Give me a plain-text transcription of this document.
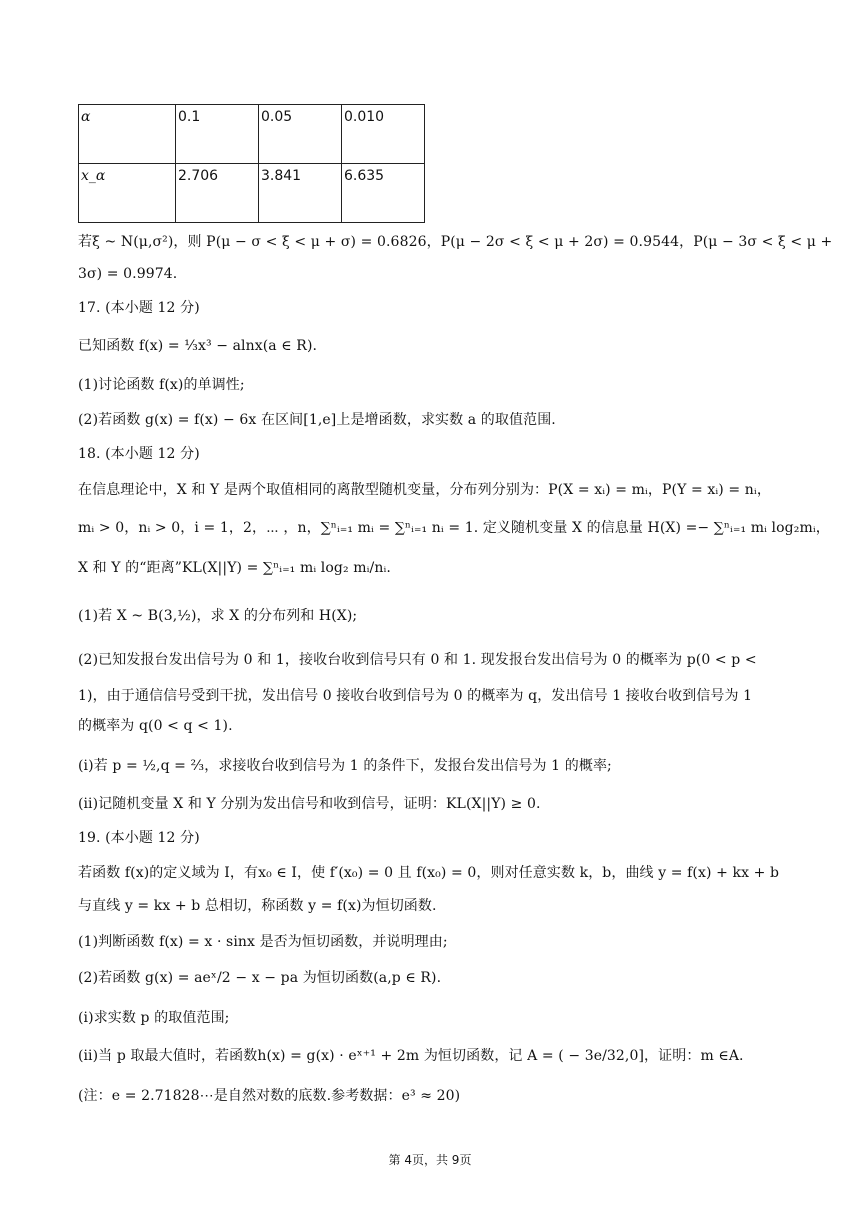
α	0.1	0.05	0.010
x_α	2.706	3.841	6.635
若ξ ~ N(μ,σ²)，则 P(μ − σ < ξ < μ + σ) = 0.6826，P(μ − 2σ < ξ < μ + 2σ) = 0.9544，P(μ − 3σ < ξ < μ +
3σ) = 0.9974.
17. (本小题 12 分)
已知函数 f(x) = ⅓x³ − alnx(a ∈ R).
(1)讨论函数 f(x)的单调性;
(2)若函数 g(x) = f(x) − 6x 在区间[1,e]上是增函数，求实数 a 的取值范围.
18. (本小题 12 分)
在信息理论中，X 和 Y 是两个取值相同的离散型随机变量，分布列分别为：P(X = xᵢ) = mᵢ，P(Y = xᵢ) = nᵢ，
mᵢ > 0，nᵢ > 0，i = 1，2，⋯ ，n，∑ⁿᵢ₌₁ mᵢ = ∑ⁿᵢ₌₁ nᵢ = 1. 定义随机变量 X 的信息量 H(X) =− ∑ⁿᵢ₌₁ mᵢ log₂mᵢ，
X 和 Y 的“距离”KL(X||Y) = ∑ⁿᵢ₌₁ mᵢ log₂ mᵢ/nᵢ.
(1)若 X ~ B(3,½)，求 X 的分布列和 H(X);
(2)已知发报台发出信号为 0 和 1，接收台收到信号只有 0 和 1. 现发报台发出信号为 0 的概率为 p(0 < p <
1)，由于通信信号受到干扰，发出信号 0 接收台收到信号为 0 的概率为 q，发出信号 1 接收台收到信号为 1
的概率为 q(0 < q < 1).
(ⅰ)若 p = ½,q = ⅔，求接收台收到信号为 1 的条件下，发报台发出信号为 1 的概率;
(ⅱ)记随机变量 X 和 Y 分别为发出信号和收到信号，证明：KL(X||Y) ≥ 0.
19. (本小题 12 分)
若函数 f(x)的定义域为 I，有x₀ ∈ I，使 f′(x₀) = 0 且 f(x₀) = 0，则对任意实数 k，b，曲线 y = f(x) + kx + b
与直线 y = kx + b 总相切，称函数 y = f(x)为恒切函数.
(1)判断函数 f(x) = x · sinx 是否为恒切函数，并说明理由;
(2)若函数 g(x) = aeˣ/2 − x − pa 为恒切函数(a,p ∈ R).
(ⅰ)求实数 p 的取值范围;
(ⅱ)当 p 取最大值时，若函数h(x) = g(x) · eˣ⁺¹ + 2m 为恒切函数，记 A = ( − 3e/32,0]，证明：m ∈A.
(注：e = 2.71828⋯是自然对数的底数.参考数据：e³ ≈ 20)
第 4页，共 9页
